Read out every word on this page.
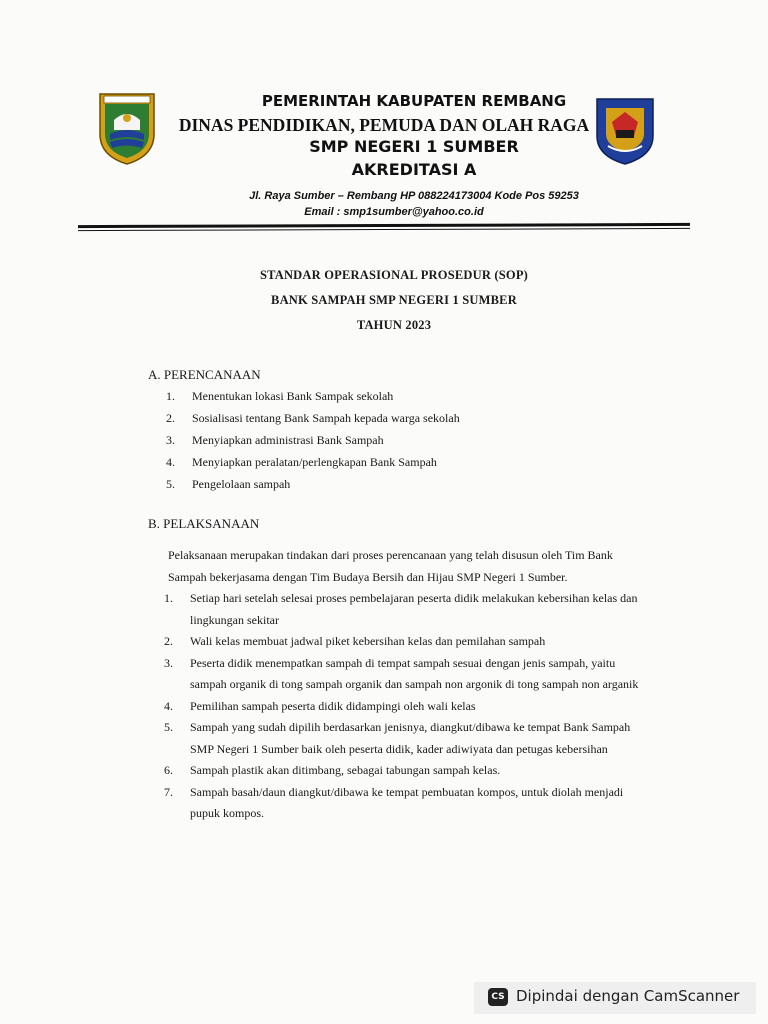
PEMERINTAH KABUPATEN REMBANG
DINAS PENDIDIKAN, PEMUDA DAN OLAH RAGA
SMP NEGERI 1 SUMBER
AKREDITASI A
Jl. Raya Sumber – Rembang HP 088224173004 Kode Pos 59253
Email : smp1sumber@yahoo.co.id
STANDAR OPERASIONAL PROSEDUR (SOP)
BANK SAMPAH SMP NEGERI 1 SUMBER
TAHUN 2023
A. PERENCANAAN
1. Menentukan lokasi Bank Sampak sekolah
2. Sosialisasi tentang Bank Sampah kepada warga sekolah
3. Menyiapkan administrasi Bank Sampah
4. Menyiapkan peralatan/perlengkapan Bank Sampah
5. Pengelolaan sampah
B. PELAKSANAAN
Pelaksanaan merupakan tindakan dari proses perencanaan yang telah disusun oleh Tim Bank Sampah bekerjasama dengan Tim Budaya Bersih dan Hijau SMP Negeri 1 Sumber.
1. Setiap hari setelah selesai proses pembelajaran peserta didik melakukan kebersihan kelas dan lingkungan sekitar
2. Wali kelas membuat jadwal piket kebersihan kelas dan pemilahan sampah
3. Peserta didik menempatkan sampah di tempat sampah sesuai dengan jenis sampah, yaitu sampah organik di tong sampah organik dan sampah non argonik di tong sampah non arganik
4. Pemilihan sampah peserta didik didampingi oleh wali kelas
5. Sampah yang sudah dipilih berdasarkan jenisnya, diangkut/dibawa ke tempat Bank Sampah SMP Negeri 1 Sumber baik oleh peserta didik, kader adiwiyata dan petugas kebersihan
6. Sampah plastik akan ditimbang, sebagai tabungan sampah kelas.
7. Sampah basah/daun diangkut/dibawa ke tempat pembuatan kompos, untuk diolah menjadi pupuk kompos.
CS Dipindai dengan CamScanner
